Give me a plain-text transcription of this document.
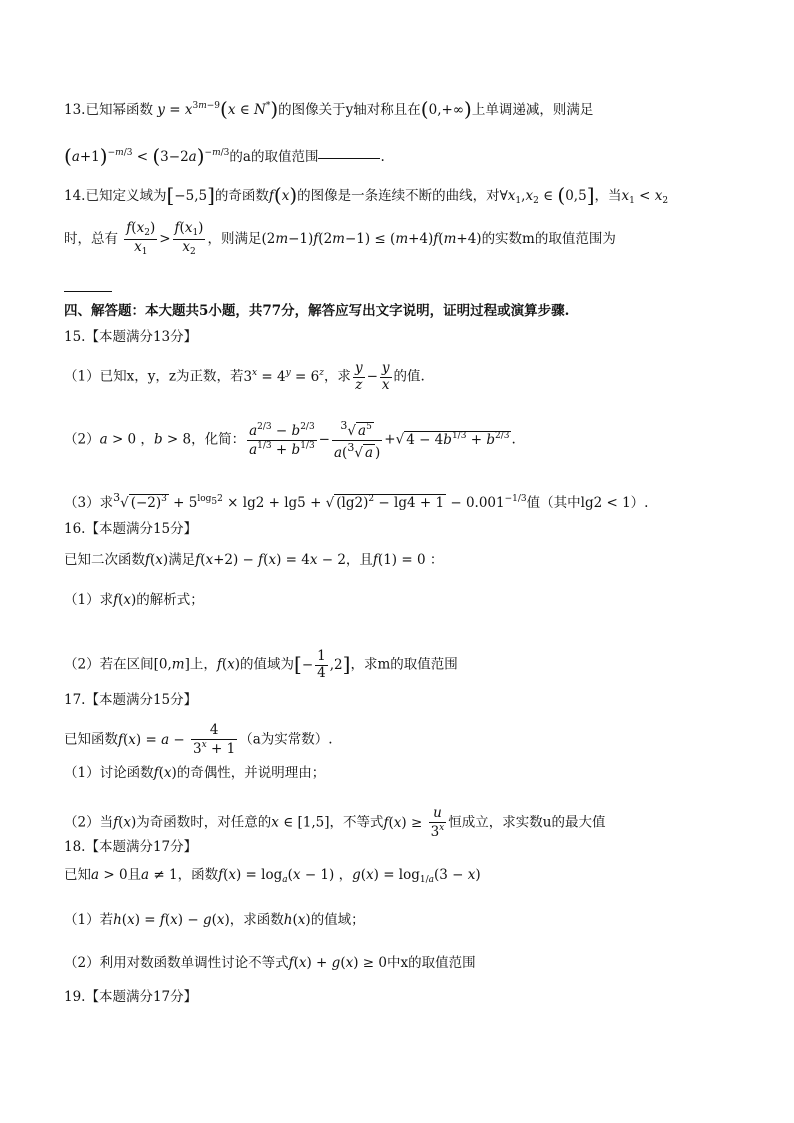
13.已知幂函数 $y = x^{3m-9}(x$ ∈ N*)的图像关于y轴对称且在(0,+∞)上单调递减，则满足
$(a+1)^{-m/3} < (3-2a)^{-m/3}$的a的取值范围	.
14.已知定义域为[−5,5]的奇函数f(x)的图像是一条连续不断的曲线，对$\forall x_1,x_2$ ∈ (0,5]，当$x_1 < x_2$
时，总有 $\frac{f(x_2)}{x_1} > \frac{f(x_1)}{x_2}$ ，则满足(2m−1)f(2m−1) ≤ (m+4)f(m+4)的实数m的取值范围为
四、解答题：本大题共5小题，共77分，解答应写出文字说明，证明过程或演算步骤.
15.【本题满分13分】
（1）已知x，y，z为正数，若$3^x = 4^y = 6^z$，求 $\frac{y}{z} - \frac{y}{x}$ 的值.
（2）a > 0 ，b > 8，化简： $\frac{a^{2/3} - b^{2/3}}{a^{1/3} + b^{1/3}} - \frac{^3√ a^5}{a(^3√ a )}$ +√ $4 - 4b^{1/3} + b^{2/3}$ .
（3）求$^3$√ $(-2)^3 + 5^{log_52} \times \lg 2 + \lg 5$ + √ $(\lg 2)^2 - \lg 4 + 1 - 0.001^{-1/3}$值（其中lg2 < 1）.
16.【本题满分15分】
已知二次函数f(x)满足f(x+2) − f(x) = 4x − 2，且f(1) = 0 ：
（1）求f(x)的解析式；
（2）若在区间[0,m]上，f(x)的值域为[− $\frac{1}{4} ,2$]，求m的取值范围
17.【本题满分15分】
已知函数$f(x) = a - \frac{4}{3^x + 1} (a$为实常数）.
（1）讨论函数f(x)的奇偶性，并说明理由；
（2）当f(x)为奇函数时，对任意的x ∈ [1,5]，不等式$f(x) \ge \frac{u}{3^x}$ 恒成立，求实数u的最大值
18.【本题满分17分】
已知a > 0且a ≠ 1，函数$f(x) = \log_a(x - 1)$ ，$g(x) = \log_{1/a}(3 - x)$
（1）若h(x) = f(x) − g(x)，求函数h(x)的值域；
（2）利用对数函数单调性讨论不等式f(x) + g(x) ≥ 0中x的取值范围
19.【本题满分17分】
